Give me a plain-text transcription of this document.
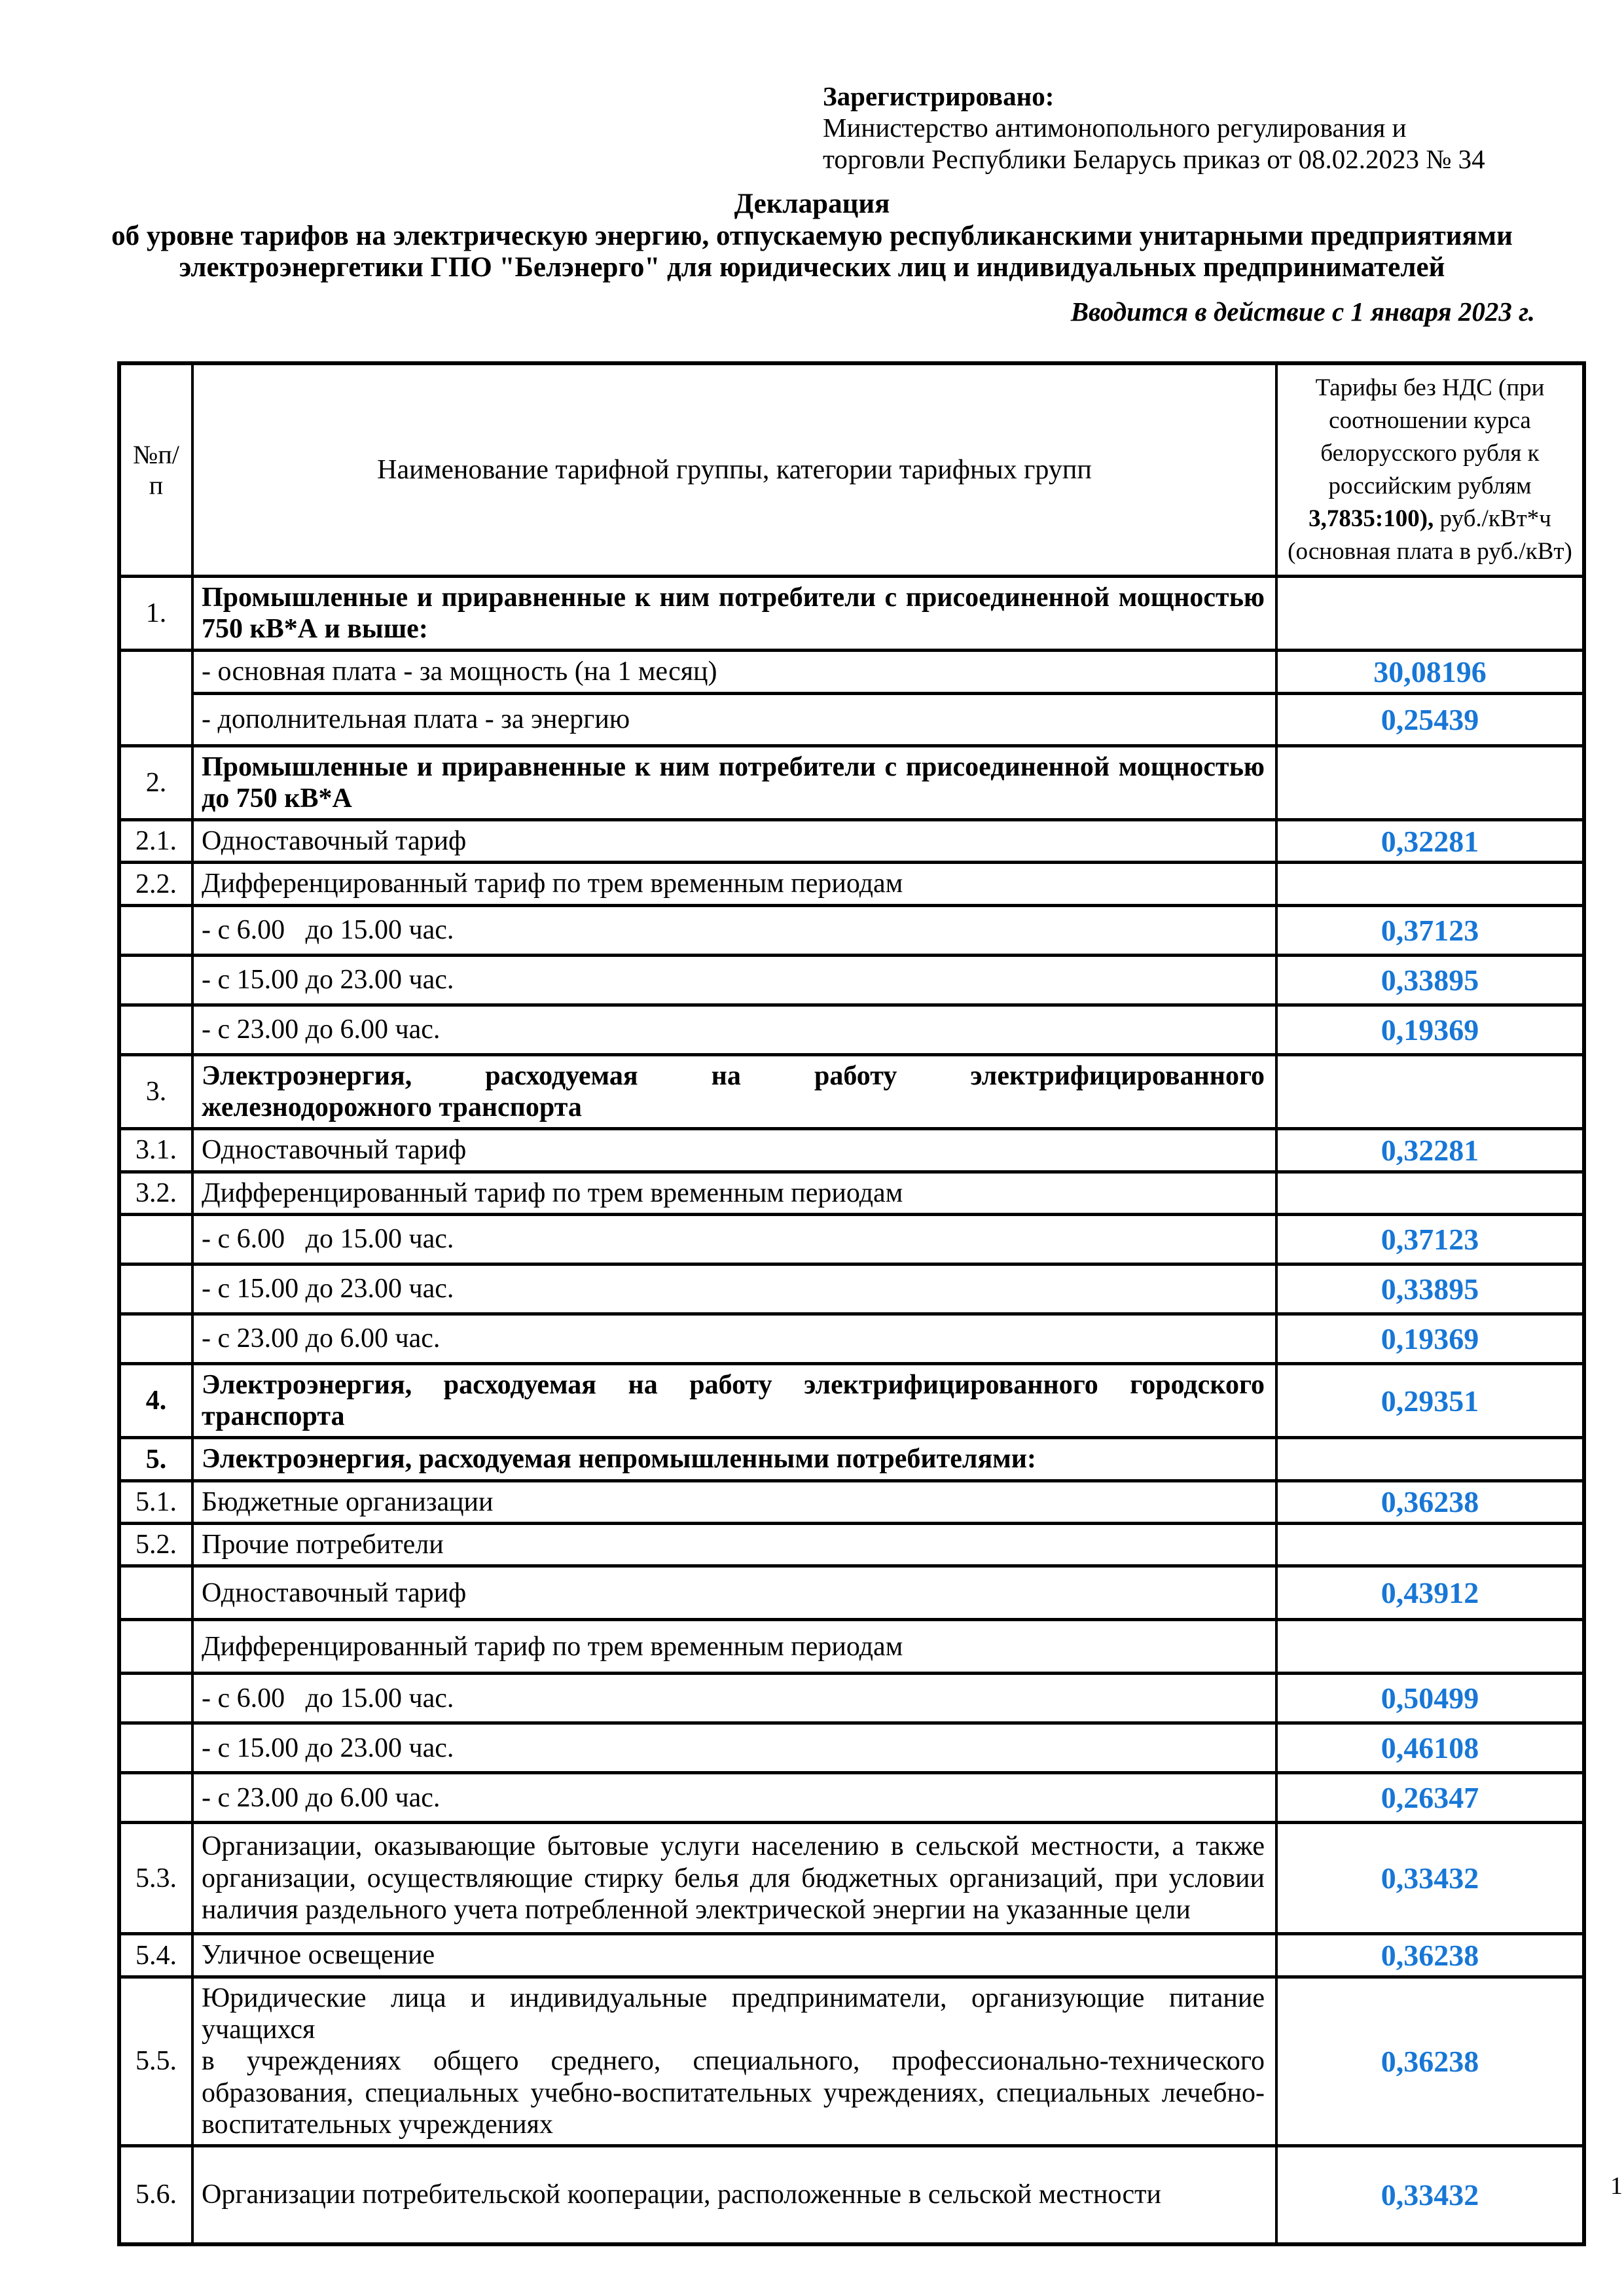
Зарегистрировано:
Министерство антимонопольного регулирования и
торговли Республики Беларусь приказ от 08.02.2023 № 34
Декларация
об уровне тарифов на электрическую энергию, отпускаемую республиканскими унитарными предприятиями
электроэнергетики ГПО "Белэнерго" для юридических лиц и индивидуальных предпринимателей
Вводится в действие с 1 января 2023 г.
№п/п	Наименование тарифной группы, категории тарифных групп	Тарифы без НДС (при соотношении курса белорусского рубля к российским рублям 3,7835:100), руб./кВт*ч (основная плата в руб./кВт)
1.	Промышленные и приравненные к ним потребители с присоединенной мощностью
750 кВ*А и выше:	

	- основная плата - за мощность (на 1 месяц)	30,08196
	- дополнительная плата - за энергию	0,25439
2.	Промышленные и приравненные к ним потребители с присоединенной мощностью
до 750 кВ*А	

2.1.	Одноставочный тариф	0,32281
2.2.	Дифференцированный тариф по трем временным периодам	
	- с 6.00   до 15.00 час.	0,37123
	- с 15.00 до 23.00 час.	0,33895
	- с 23.00 до 6.00 час.	0,19369
3.	Электроэнергия, расходуемая на работу электрифицированного
железнодорожного транспорта	

3.1.	Одноставочный тариф	0,32281
3.2.	Дифференцированный тариф по трем временным периодам	
	- с 6.00   до 15.00 час.	0,37123
	- с 15.00 до 23.00 час.	0,33895
	- с 23.00 до 6.00 час.	0,19369
4.	Электроэнергия, расходуемая на работу электрифицированного городского
транспорта	0,29351
5.	Электроэнергия, расходуемая непромышленными потребителями:	
5.1.	Бюджетные организации	0,36238
5.2.	Прочие потребители	
	Одноставочный тариф	0,43912
	Дифференцированный тариф по трем временным периодам	
	- с 6.00   до 15.00 час.	0,50499
	- с 15.00 до 23.00 час.	0,46108
	- с 23.00 до 6.00 час.	0,26347
5.3.	Организации, оказывающие бытовые услуги населению в сельской местности, а также
организации, осуществляющие стирку белья для бюджетных организаций, при условии
наличия раздельного учета потребленной электрической энергии на указанные цели	0,33432
5.4.	Уличное освещение	0,36238
5.5.	Юридические лица и индивидуальные предприниматели, организующие питание учащихся
в учреждениях общего среднего, специального, профессионально-технического
образования, специальных учебно-воспитательных учреждениях, специальных лечебно-
воспитательных учреждениях	0,36238
5.6.	Организации потребительской кооперации, расположенные в сельской местности	0,33432	1
